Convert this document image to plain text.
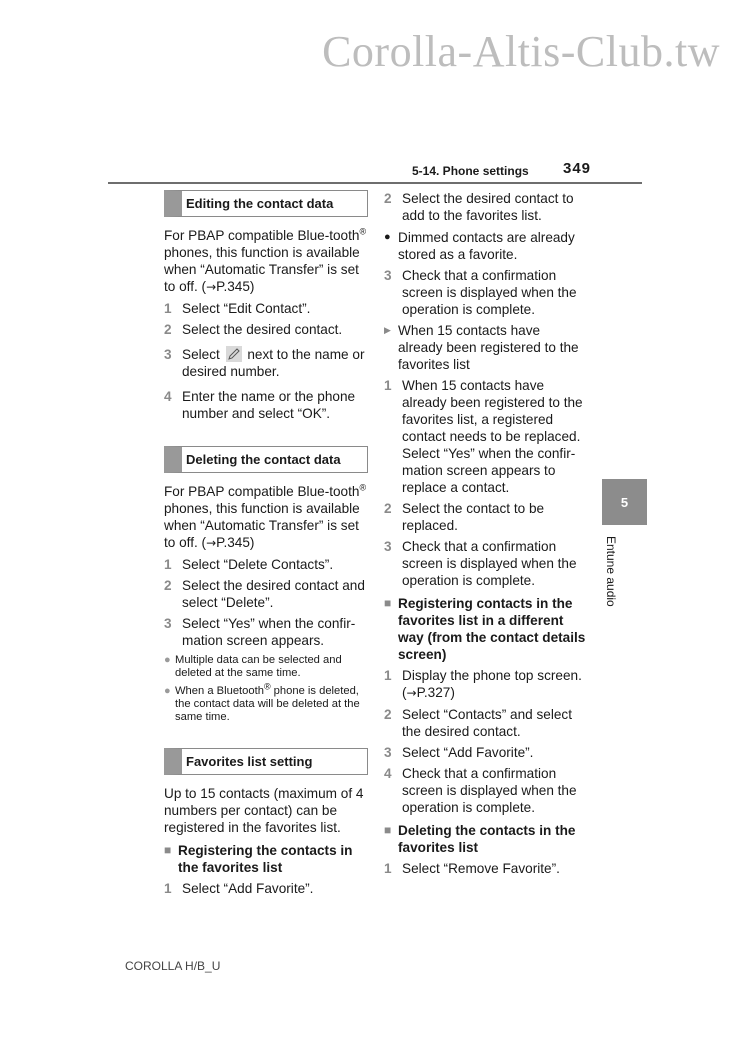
Corolla-Altis-Club.tw
5-14. Phone settings 349
Editing the contact data
For PBAP compatible Blue-tooth® phones, this function is available when “Automatic Transfer” is set to off. (→P.345)
1 Select “Edit Contact”.
2 Select the desired contact.
3 Select  next to the name or desired number.
4 Enter the name or the phone number and select “OK”.
Deleting the contact data
For PBAP compatible Blue-tooth® phones, this function is available when “Automatic Transfer” is set to off. (→P.345)
1 Select “Delete Contacts”.
2 Select the desired contact and select “Delete”.
3 Select “Yes” when the confir-mation screen appears.
● Multiple data can be selected and deleted at the same time.
● When a Bluetooth® phone is deleted, the contact data will be deleted at the same time.
Favorites list setting
Up to 15 contacts (maximum of 4 numbers per contact) can be registered in the favorites list.
■ Registering the contacts in the favorites list
1 Select “Add Favorite”.
2 Select the desired contact to add to the favorites list.
● Dimmed contacts are already stored as a favorite.
3 Check that a confirmation screen is displayed when the operation is complete.
▶ When 15 contacts have already been registered to the favorites list
1 When 15 contacts have already been registered to the favorites list, a registered contact needs to be replaced. Select “Yes” when the confir-mation screen appears to replace a contact.
2 Select the contact to be replaced.
3 Check that a confirmation screen is displayed when the operation is complete.
■ Registering contacts in the favorites list in a different way (from the contact details screen)
1 Display the phone top screen. (→P.327)
2 Select “Contacts” and select the desired contact.
3 Select “Add Favorite”.
4 Check that a confirmation screen is displayed when the operation is complete.
■ Deleting the contacts in the favorites list
1 Select “Remove Favorite”.
5
Entune audio
COROLLA H/B_U
